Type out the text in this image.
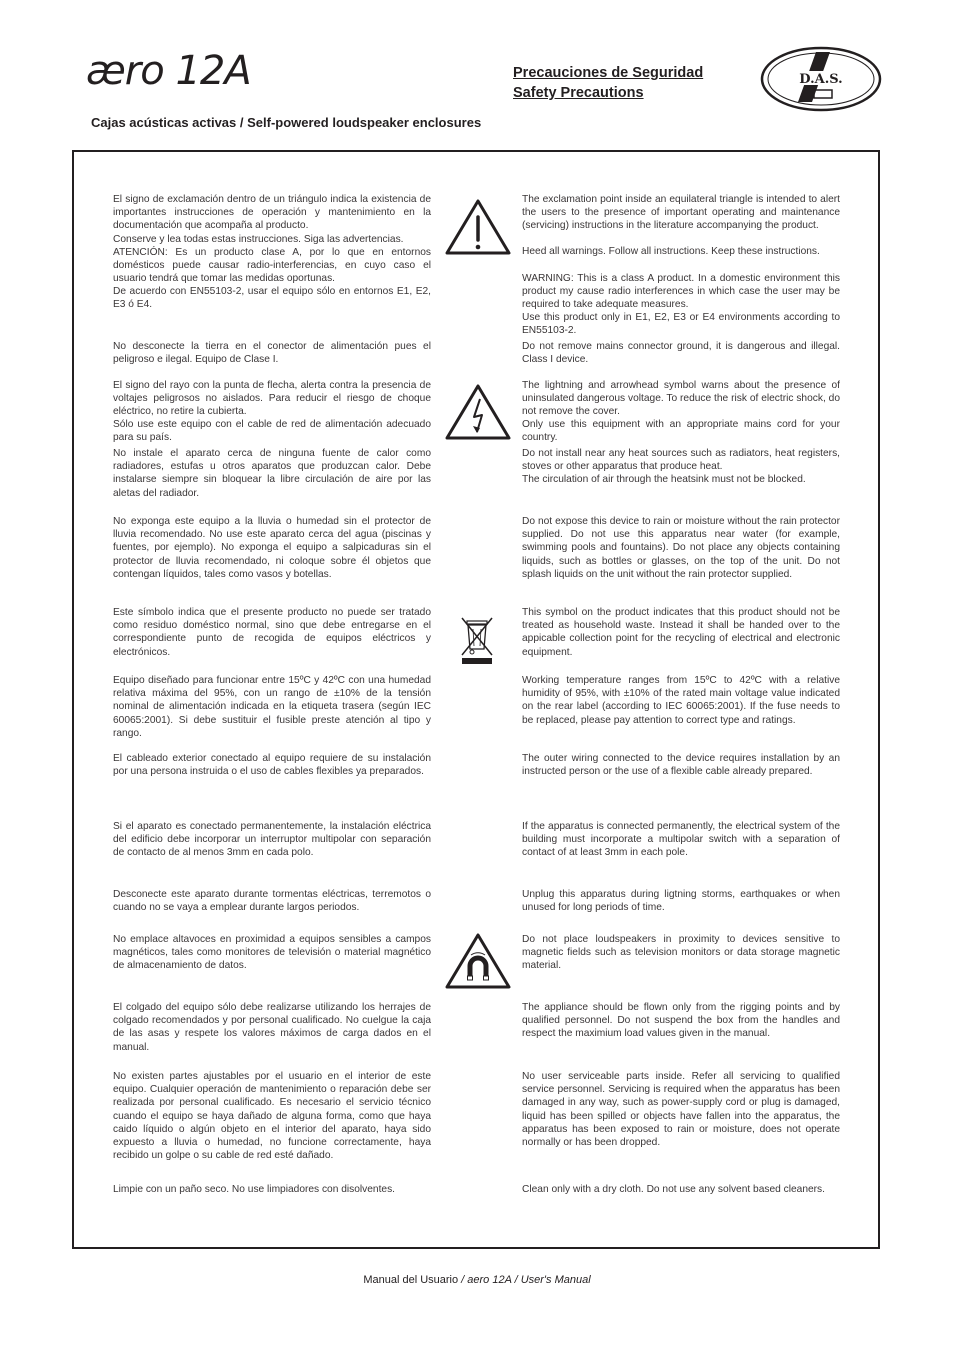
æro 12A	Precauciones de Seguridad
Safety Precautions
D.A.S.
Cajas acústicas activas / Self-powered loudspeaker enclosures

El signo de exclamación dentro de un triángulo indica la existencia de importantes instrucciones de operación y mantenimiento en la documentación que acompaña al producto.

Conserve y lea todas estas instrucciones. Siga las advertencias.

ATENCIÓN: Es un producto clase A, por lo que en entornos domésticos puede causar radio-interferencias, en cuyo caso el usuario tendrá que tomar las medidas oportunas.

De acuerdo con EN55103-2, usar el equipo sólo en entornos E1, E2, E3 ó E4.

No desconecte la tierra en el conector de alimentación pues el peligroso e ilegal. Equipo de Clase I.

El signo del rayo con la punta de flecha, alerta contra la presencia de voltajes peligrosos no aislados. Para reducir el riesgo de choque eléctrico, no retire la cubierta.

Sólo use este equipo con el cable de red de alimentación adecuado para su país.

No instale el aparato cerca de ninguna fuente de calor como radiadores, estufas u otros aparatos que produzcan calor. Debe instalarse siempre sin bloquear la libre circulación de aire por las aletas del radiador.

No exponga este equipo a la lluvia o humedad sin el protector de lluvia recomendado. No use este aparato cerca del agua (piscinas y fuentes, por ejemplo). No exponga el equipo a salpicaduras sin el protector de lluvia recomendado, ni coloque sobre él objetos que contengan líquidos, tales como vasos y botellas.

Este símbolo indica que el presente producto no puede ser tratado como residuo doméstico normal, sino que debe entregarse en el correspondiente punto de recogida de equipos eléctricos y electrónicos.

Equipo diseñado para funcionar entre 15ºC y 42ºC con una humedad relativa máxima del 95%, con un rango de ±10% de la tensión nominal de alimentación indicada en la etiqueta trasera (según IEC 60065:2001). Si debe sustituir el fusible preste atención al tipo y rango.

El cableado exterior conectado al equipo requiere de su instalación por una persona instruida o el uso de cables flexibles ya preparados.

Si el aparato es conectado permanentemente, la instalación eléctrica del edificio debe incorporar un interruptor multipolar con separación de contacto de al menos 3mm en cada polo.

Desconecte este aparato durante tormentas eléctricas, terremotos o cuando no se vaya a emplear durante largos periodos.

No emplace altavoces en proximidad a equipos sensibles a campos magnéticos, tales como monitores de televisión o material magnético de almacenamiento de datos.

El colgado del equipo sólo debe realizarse utilizando los herrajes de colgado recomendados y por personal cualificado. No cuelgue la caja de las asas y respete los valores máximos de carga dados en el manual.

No existen partes ajustables por el usuario en el interior de este equipo. Cualquier operación de mantenimiento o reparación debe ser realizada por personal cualificado. Es necesario el servicio técnico cuando el equipo se haya dañado de alguna forma, como que haya caido líquido o algún objeto en el interior del aparato, haya sido expuesto a lluvia o humedad, no funcione correctamente, haya recibido un golpe o su cable de red esté dañado.

Limpie con un paño seco. No use limpiadores con disolventes.

The exclamation point inside an equilateral triangle is intended to alert the users to the presence of important operating and maintenance (servicing) instructions in the literature accompanying the product.

Heed all warnings. Follow all instructions. Keep these instructions.

WARNING: This is a class A product. In a domestic environment this product my cause radio interferences in which case the user may be required to take adequate measures.

Use this product only in E1, E2, E3 or E4 environments according to EN55103-2.

Do not remove mains connector ground, it is dangerous and illegal. Class I device.

The lightning and arrowhead symbol warns about the presence of uninsulated dangerous voltage. To reduce the risk of electric shock, do not remove the cover.

Only use this equipment with an appropriate mains cord for your country.

Do not install near any heat sources such as radiators, heat registers, stoves or other apparatus that produce heat.

The circulation of air through the heatsink must not be blocked.

Do not expose this device to rain or moisture without the rain protector supplied. Do not use this apparatus near water (for example, swimming pools and fountains). Do not place any objects containing liquids, such as bottles or glasses, on the top of the unit. Do not splash liquids on the unit without the rain protector supplied.

This symbol on the product indicates that this product should not be treated as household waste. Instead it shall be handed over to the appicable collection point for the recycling of electrical and electronic equipment.

Working temperature ranges from 15ºC to 42ºC with a relative humidity of 95%, with ±10% of the rated main voltage value indicated on the rear label (according to IEC 60065:2001). If the fuse needs to be replaced, please pay attention to correct type and ratings.

The outer wiring connected to the device requires installation by an instructed person or the use of a flexible cable already prepared.

If the apparatus is connected permanently, the electrical system of the building must incorporate a multipolar switch with a separation of contact of at least 3mm in each pole.

Unplug this apparatus during ligtning storms, earthquakes or when unused for long periods of time.

Do not place loudspeakers in proximity to devices sensitive to magnetic fields such as television monitors or data storage magnetic material.

The appliance should be flown only from the rigging points and by qualified personnel. Do not suspend the box from the handles and respect the maximium load values given in the manual.

No user serviceable parts inside. Refer all servicing to qualified service personnel. Servicing is required when the apparatus has been damaged in any way, such as power-supply cord or plug is damaged, liquid has been spilled or objects have fallen into the apparatus, the apparatus has been exposed to rain or moisture, does not operate normally or has been dropped.

Clean only with a dry cloth. Do not use any solvent based cleaners.

Manual del Usuario / aero 12A / User's Manual
